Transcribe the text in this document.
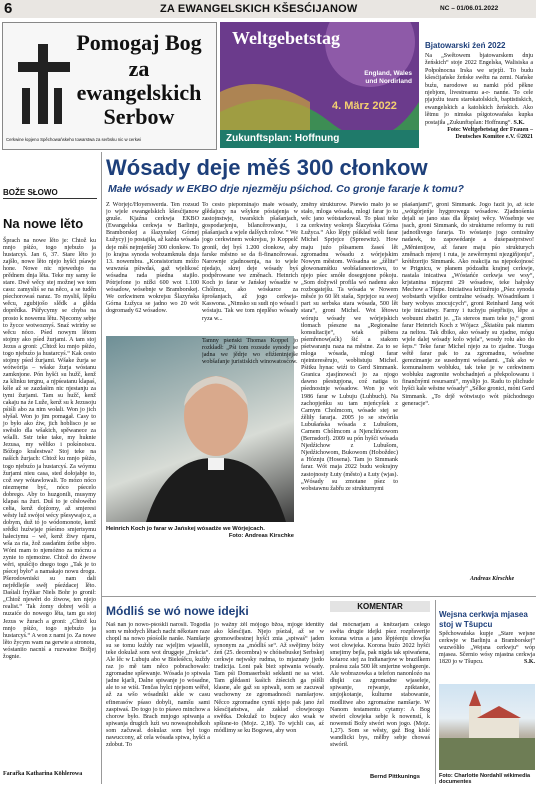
6	ZA EWANGELSKICH KŠESĆIJANOW	NC – 01/06.01.2022
Pomogaj Bog
za
ewangelskich
Serbow
Cerkwine łopjeno Spěchowańskeho towarstwa za serbsku nic w cerkwi
Weltgebetstag
England, Wales
und Nordirland
4. März 2022
Zukunftsplan: Hoffnung
Bjatowarski źeń 2022
Na „Swětowem bjatowarskem dnju žeńskich“ stoje 2022 Engelska, Walisiska a Połpołnocna Irska we srjejźi. To budu kšesćijańske žeńske swětu na zemi. Nańske buźu, narodowe su namki pód pěkne njebjom, livestreamu a-r- nanńe. To cele pjajoźiu tearu starokatolskich, baptistiskich, ewangelskich a katolskich žeńskich. Ako lětmu jo nimska pśigotowańska kupka postajiła „Zukunftsplan: Hoffnung“. S.K.
Foto: Weltgebetstag der Frauen – Deutsches Komitee e.V. ©2021
BOŽE SŁOWO
Na nowe lěto
Šprach na nowe lěto je: Chtož ku mnjo pśiźo, togo njebuźo ja hustarcyś. Jan 6, 37. Stare lěto jo zajšło, nowe lěto njejo hyšći pśawje hone. Nowe nic njewedujo na prědnem dnja lěta. Teke my samy še stare. Dwě wěcy stej možnej we tom casu: zamysliś se na něco, a se tuděn pśechorowaś naraz. To mysliš, lěpšu wěcu, zgubijošo slědk a glěda doprědka. Pśiřycymy se chyba na prosto k nowemu lětu. Njecomy sebje to žycce wotwoznyś. Snaź wiriḿy se wěcu nóco. Pśed nowym lětom stojmy ako pśed žurjami. A tam stoj Jezus a groni: „Chtož ku mnjo pśiźo, togo njebuźo ja hustarcyś.“ Kak cesto stojmy pśed žurjami. Wšake žurja se wótwórija – wšake žurja wóstanu zamknjone. Pón hyšći su hužč, kenž za klinku tergnu, a njpśeatanu klapaś, kéle až se zazdaśim nic njestanju za tymi žurjami. Tam su hužč, kenž cakaju na źe Luže, kenž su k Jezusoju pśiśli abo za nim wołali. Won jo jich słyšał. Won jo jim pomagał. Casy to jo było ako źiw, jich hoblisco je se swěsiło dla wšakich, spěwanece za wšalli. Sstr teke take, my huknie Jezusa, my wěliko i pokśnoiscu. Bóžego kralestwa? Stoj teke na naších žurjach: Chtož ku mnjo pśiźo, togo njebuźo ja hustarcyś. Za wóymu žurjami nieu casa, sted dołojabje to, což swy wótawlowali. To mózo nóco niezmęrne być, nóco pśecelo dobrego. Aby to huzgonili, musymy klapaś na žuri. Duš to je cěsłowého cełia, kenž dojźomy, až smjeresi wěsty luž swójoi wécy pšesywajo z, a dobym, duž tó jo wódomonote, kenž srědki huźwjaje pśeśmo smjertsymu hałeciymu – wě, kenž žiwy njaru, wša za ria, žož zasdańim źeibe sbjro. Wóni mam to njemóżno za mócnu a zynie to njemożne. Chtož do źiwow wěri, spušćijo dnego togo „Tak je to pśecej było“ a namakajo nowu drogu. Pšerodowniski su nam dali nejrědlejše swěj pśeźdacej lěto. Daśiali fryžkar Niels Bohr jo gronił: „Chtož njewěri do źiwow, ten njejo realist.“ Tak źomy dobrej wóli a nuzaiće do nowego lěta, tam gu stoj Jezus w žurach a groni: „Chtož ku mnjo pśiźo, togo njebuźo ja hustarcyś.“ A won z nami jo. Za nowe lěto žycym wam na gerwie a stronotu, wóstaniio nacniś a ruzwatoe Božjej žognie.
Farařka Katharina Köhlerowa
Wósady deje měś 300 cłonkow
Małe wósady w EKBO drje njezměju pśichod. Co gronje fararje k tomu?
Z Wórjejc/Hoyerswerda. Ten rozsud jo wjele ewangelskich kšesćijanow gnuše. Kjaźna cerkwja EKBO (Ewangelska cerkwja w Barlinju, Bramborskej a šlazynskej Górnej Łužycy) jo postajiła, až każda wósada deje měś nejmjeńšej 300 cłonkow. To jo krajna synoda wobzamknuła dnja 13. nowembra. „Konsistorium móžo wuwześa pśiwdaś, gaž wjelikosć wósadna rada pśedna stajiło. Pótrjefone jo nižki 600 wot 1.100 wósadow, wósebnje w Bramborskej. We cerkwinem wokrejsu Šlazyńska Górna Łužyca se jadno wo 20 wót dogromady 62 wósadow.
Heinrich Koch jo farar w Jańskej wósadźe we Wórjejcach.
Foto: Andreas Kirschke
To cesto piepominajo małe wósady, glědajucy na wšykne póstajenja w zastojnstwje, twarskich pšašanjach, gospodarjenju, bilancěrowanju, i pšašanjach a wjele dalšych rolow. “ We jogo cerkwinem wokrejsu, jo Koppelč gronił, dej byś 1.200 cłonkow, aby farske městno se da fi-financěrowaś. Narownje zjadnosenja, na to wjele njedajo, skrej deje wósady byś podpěrowane we změnach. Heinrich Koch jo farar w Jańskej wósadźe w Chólmcu, ako wóskarce za šprošanjach, až jogo cerkwja-Kaswona. „Nimsko su sudi njo wósad i wóstaju. Tak we tom njeplěso wósady ryza w...
Tamny pśeński Thomas Koppel jo rozkładł: „Pśi tom rozsude synody se jadna we jědrje wo efiźientnjejše wobšafanje juristiskich winowatosćow.
změny strukturow. Pśewšo mało jo se stało, mloga wósada, mlogi farar jo tu wěc jano wótstarkował. To płasi teke za cerkwiny wokrejs Šlazyńska Górna Łužyca.“ Ako lěpjy pśikład wóli farar Michel Sprjejce (Spreewitz). How maju juźo pšisamem žaseś lět zgromadnu wósadu z wórjejskim Nowym městom. Wósadna se „źělite“ głowonamśtku wobšafaneeriowu, to njejo pśec smółe dosegnjone pókoju. „Som dožywił profila wó nadenu ako rozbogatejšu. Ta wósada w Nowem měsće jo 60 lět staša, Sprjejce su swoj part su serbska stara wósada, 500 lět stara“, groni Michel. Wot lětowu wóruju wósady we wórjejskich tłomach pśeszne na „Regionalne konsultacije“, wiak pśibera pśemřenow(aćk) šić a stakom pśetwaranju naza na městne. Za to se mloga wósada, mlogi farar njeinteresěrujo, wobłistuju Michel. Pśitku hynac wiźi to Gerd Simmank. Granica zjasjínowsći jo za njogo dawno pšestupjona, coź natiga to pśednostnje wósadow. Won jo wót 1986 farar w Lubuju (Luhbuch). Na zachopjeńku su tam mjeńcyšek z Carnym Cholmcom, wósade stej se źěliły fararja. 2005 jo se stwóriła Lubušańska wósada z Lubušom, Carnem Chólmcom a Njenclińcowom (Bernsdorf). 2009 su pón hyšći wósada Njedźichow z Lubušom, Njedźichowom, Bukowom (Hoboždec) a Hóznju (Hosena). Tam jo Simmank farar. Wót maja 2022 budu wokrajny zastojnosty Łuty (město) a Łuty (wjas). „Wósady su zmotane pśez to wobstawnu žabřu ze strukturnymi
pšašanjami“, groni Simmank. Jogo fazit jo, až ście „wótgórjeńje hygprowegu wósadow. Zjadnośenia dejali se jano stas dla lěpsiej wěcy. Wósebnje we jsach, groni Simmank, do strukturne reformy tu ruti jadnotlivego fararja. To wóstanjo jogo centralny nadawk, to zapowédanje a duśepastyrstwo! „Měnienijow, až farare maju pśo strukturych změnach mjerej i ruta, je zewěrrnymi njezgiňjonju“, krétězerijo Simmank. Ako reakcija na njepokojnosć w Prignicu, w płanem pódzadtu krajnej cerkwje, nastala inicatiwa „Wóstańće cerkwja we wsy“, krjstanina mjazymi 29 wósadow, teke hałysky Mechow a Tšupe. Iniciatiwa krtiizěrujo „Pśez synoda wobstarth wjelike centralne wósady. Wósadnikam i bary wobyss znocujcych“, groni Reinhard Jang wót teje iniciatiwy. Farmy i tuchyju pśepřisijo, lěpe a wobuuni zbatiri je. „Ta stereos mam teke jo,“ groni farar Heinrich Koch z Wójacz „Škiatśiu pak niamm za neltou. Tak dbiko, ako wósady su zjadne, mógu wjele dalej wósady kolo wjela“, wosdy rolu ako do šeps.“ Teke farar Michel njejo za to zjadne. Tuoga wětě farar pak to za zgromadnu, wósebne gerezimanje ze susednymi wósadami. „Tak ako w komunalnem wobłuku, tak teke je w cerkwinem wobłuku zagronite wobchadnjeń a překpolowanu i finančnými resursami“, myslijo jo. Radu to plichude hyšći kale wěstne wósady“ „Sélke gronici, móni Gerd Simmank. „To drjě wótwisujo wót pśichodnego generacje“.
Andreas Kirschke
Módliś se wó nowe idejki	KOMENTAR
Naš nan jo nowo-pśośkli narosli. Togodla som w młodych lětach nacht někotare raze chopil na nowo pśośolle nanše. Namšarje su se tomu kuždy raz wjeljim wjaselili, teke dokulaž som wot druggeje „frekcia“. Ale lěc w Lubuju abo w Bieleśěcu, kuždy raz jo mě tam něco pobrachowało: zgromadne spšewanje. Wósada jo spiwala jadne kjarli, Dalne spiwanje jo wósadne, ale to se wiśi. Tenčas hylci njejsom wěřeł, až za wšo wósadniki akle w casu efinerasów pśaso dobyli, namšu sami zaspiwaś. Do togo jo to pśawo minchow a chorow było. Brach mnjogo spiwanja a spiwanja drugich luźi wu noweajnohdkoh som začuwał. dokulaz som był togo nawuccony, až cela wósada spiwa, hyšći a zdobut. To
jo wažny źěl mójogo bžoa, mjoge identity ako kšesćijan. Njejo pśeżał, až se w gromowibestnej hyšći znia „spiwaś“ jaden synonym za „módliś se“. Až swějimy bóży źeń (25. decembra) w chóisebuskej Serbskej cerkwje nejwsky rudma, to mjaznaty jjedo tradicija. Loni pak bież spiwania wósady. Tam pśi Domaserbski sekłanti ne sa wiet. Tam glědasni kaśich źiśecich ga pśišli klasne, ale gaž su spiwali, som se zacuwał wuchowny ze zgromadnosći namšarjow. Něcco zgromadne cyniś njejo pak jano źel kšesćijaństwa, ale zakład cłowjecego swětka. Dokulaž to bujecy ako wsak w spšisne-to (Mojz. 2,18). To wjchli cas, aź módlimy se ku Bogowu, aby won
dał mócnarjam a knězarjam celego swěta drugie idejki pśez rozpřaverije korana wirus a jano lěpjéenju cłowjka wot cłowjeka. Korona buźo 2022 hyšći smejimy bejla, pak nigda tak spiwańena, kotaroz stej za Indianarjow w brazilkem pralesu zala 500 lět smjertne wohgeenje. Ale wobrazowka a telefon nanonloźo na dłujki cas zgromadne wjaseleje, spiwanje, rejwanje, zpiktanke, smjojkotanje, kulturne stabowanie, modlitwe abo zgromaźne namšarje. W Nanom testamentu cytamy: A Bog stwóri cłowjeka sebje k nowenstí, k nowenstí Božy stwóri won jogo. (Mojz. 1,27). Som se wěsty, gaž Bog kislé wandlicki bys, mělby sebje chowaś stwórił.
Bernd Pittkunings
Wejsna cerkwja mjasea stoj w Tšupcu
Spěchowańska kupje „Stare wejsne cerkwje w Barlinju a Bramborskej“ wuzwóliło „Wejsna cerkwju“ wóp mjasea. Sčernio wósy mjastna cerkwja 1820 jo w Tšupcu.	S.K.
Foto: Charlotte Nordahl/ wikimedia documentes
